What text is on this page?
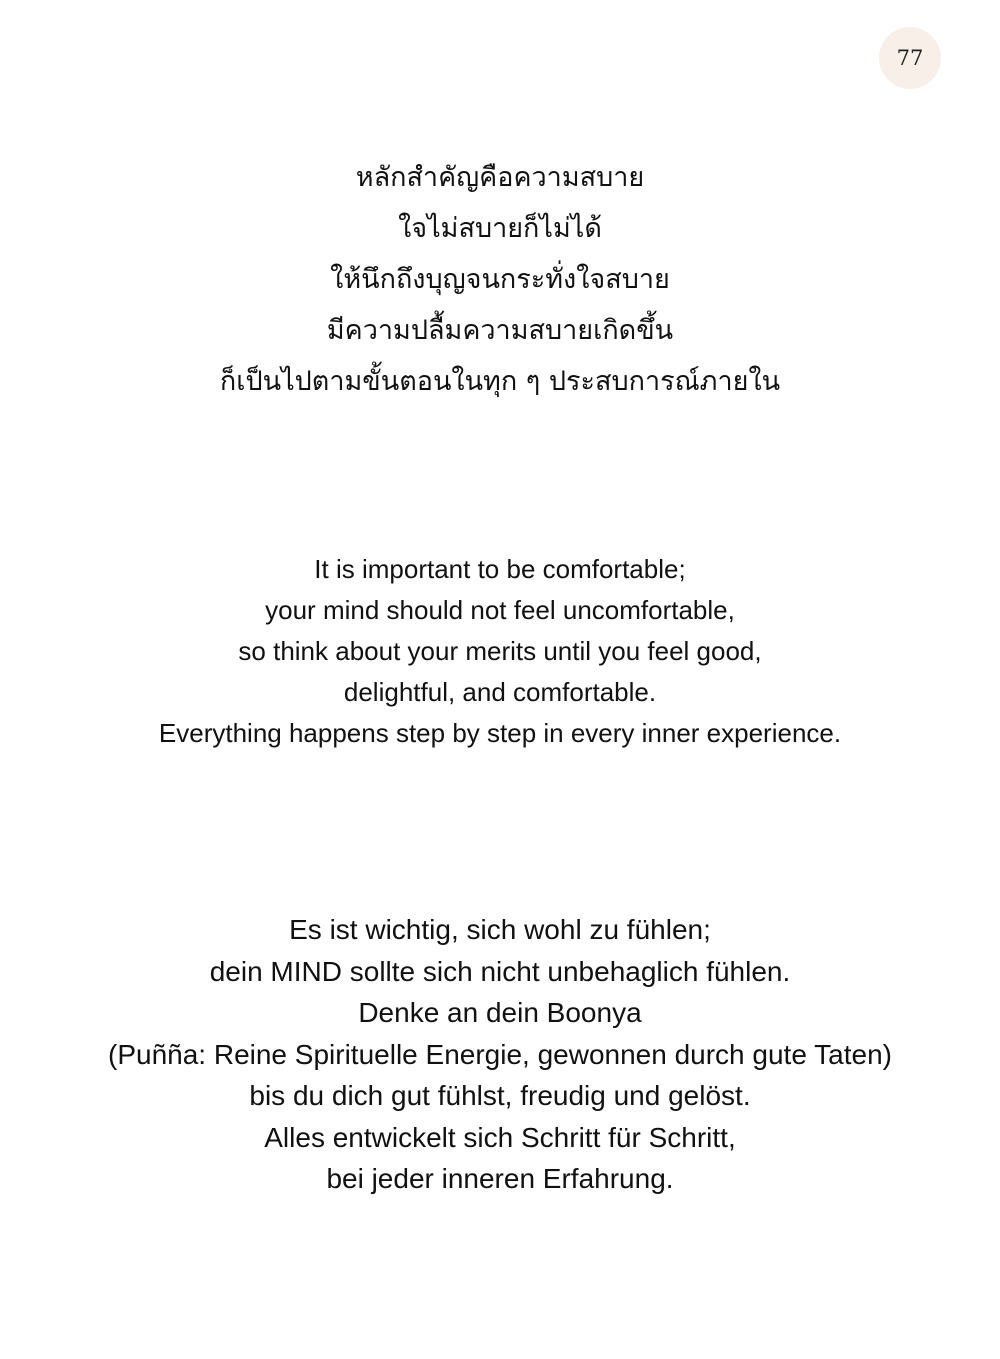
77
หลักสำคัญคือความสบาย
ใจไม่สบายก็ไม่ได้
ให้นึกถึงบุญจนกระทั่งใจสบาย
มีความปลื้มความสบายเกิดขึ้น
ก็เป็นไปตามขั้นตอนในทุก ๆ ประสบการณ์ภายใน
It is important to be comfortable;
your mind should not feel uncomfortable,
so think about your merits until you feel good,
delightful, and comfortable.
Everything happens step by step in every inner experience.
Es ist wichtig, sich wohl zu fühlen;
dein MIND sollte sich nicht unbehaglich fühlen.
Denke an dein Boonya
(Puñña: Reine Spirituelle Energie, gewonnen durch gute Taten)
bis du dich gut fühlst, freudig und gelöst.
Alles entwickelt sich Schritt für Schritt,
bei jeder inneren Erfahrung.
